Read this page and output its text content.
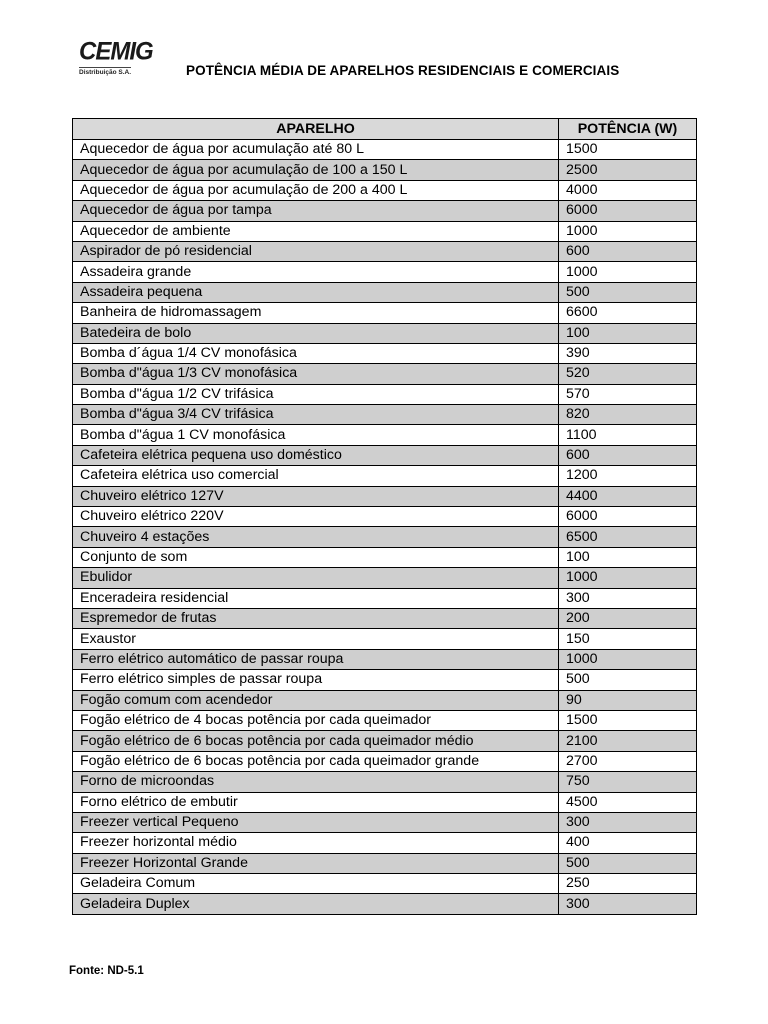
CEMIG
Distribuição S.A.	POTÊNCIA MÉDIA DE APARELHOS RESIDENCIAIS E COMERCIAIS
APARELHO	POTÊNCIA (W)
Aquecedor de água por acumulação até 80 L	1500
Aquecedor de água por acumulação de 100 a 150 L	2500
Aquecedor de água por acumulação de 200 a 400 L	4000
Aquecedor de água por tampa	6000
Aquecedor de ambiente	1000
Aspirador de pó residencial	600
Assadeira grande	1000
Assadeira pequena	500
Banheira de hidromassagem	6600
Batedeira de bolo	100
Bomba d´água 1/4 CV monofásica	390
Bomba d"água 1/3 CV monofásica	520
Bomba d"água 1/2 CV trifásica	570
Bomba d"água 3/4 CV trifásica	820
Bomba d"água 1 CV monofásica	1100
Cafeteira elétrica pequena uso doméstico	600
Cafeteira elétrica uso comercial	1200
Chuveiro elétrico 127V	4400
Chuveiro elétrico 220V	6000
Chuveiro 4 estações	6500
Conjunto de som	100
Ebulidor	1000
Enceradeira residencial	300
Espremedor de frutas	200
Exaustor	150
Ferro elétrico automático de passar roupa	1000
Ferro elétrico simples de passar roupa	500
Fogão comum com acendedor	90
Fogão elétrico de 4 bocas potência por cada queimador	1500
Fogão elétrico de 6 bocas potência por cada queimador médio	2100
Fogão elétrico de 6 bocas potência por cada queimador grande	2700
Forno de microondas	750
Forno elétrico de embutir	4500
Freezer vertical Pequeno	300
Freezer horizontal médio	400
Freezer Horizontal Grande	500
Geladeira Comum	250
Geladeira Duplex	300
Fonte: ND-5.1
